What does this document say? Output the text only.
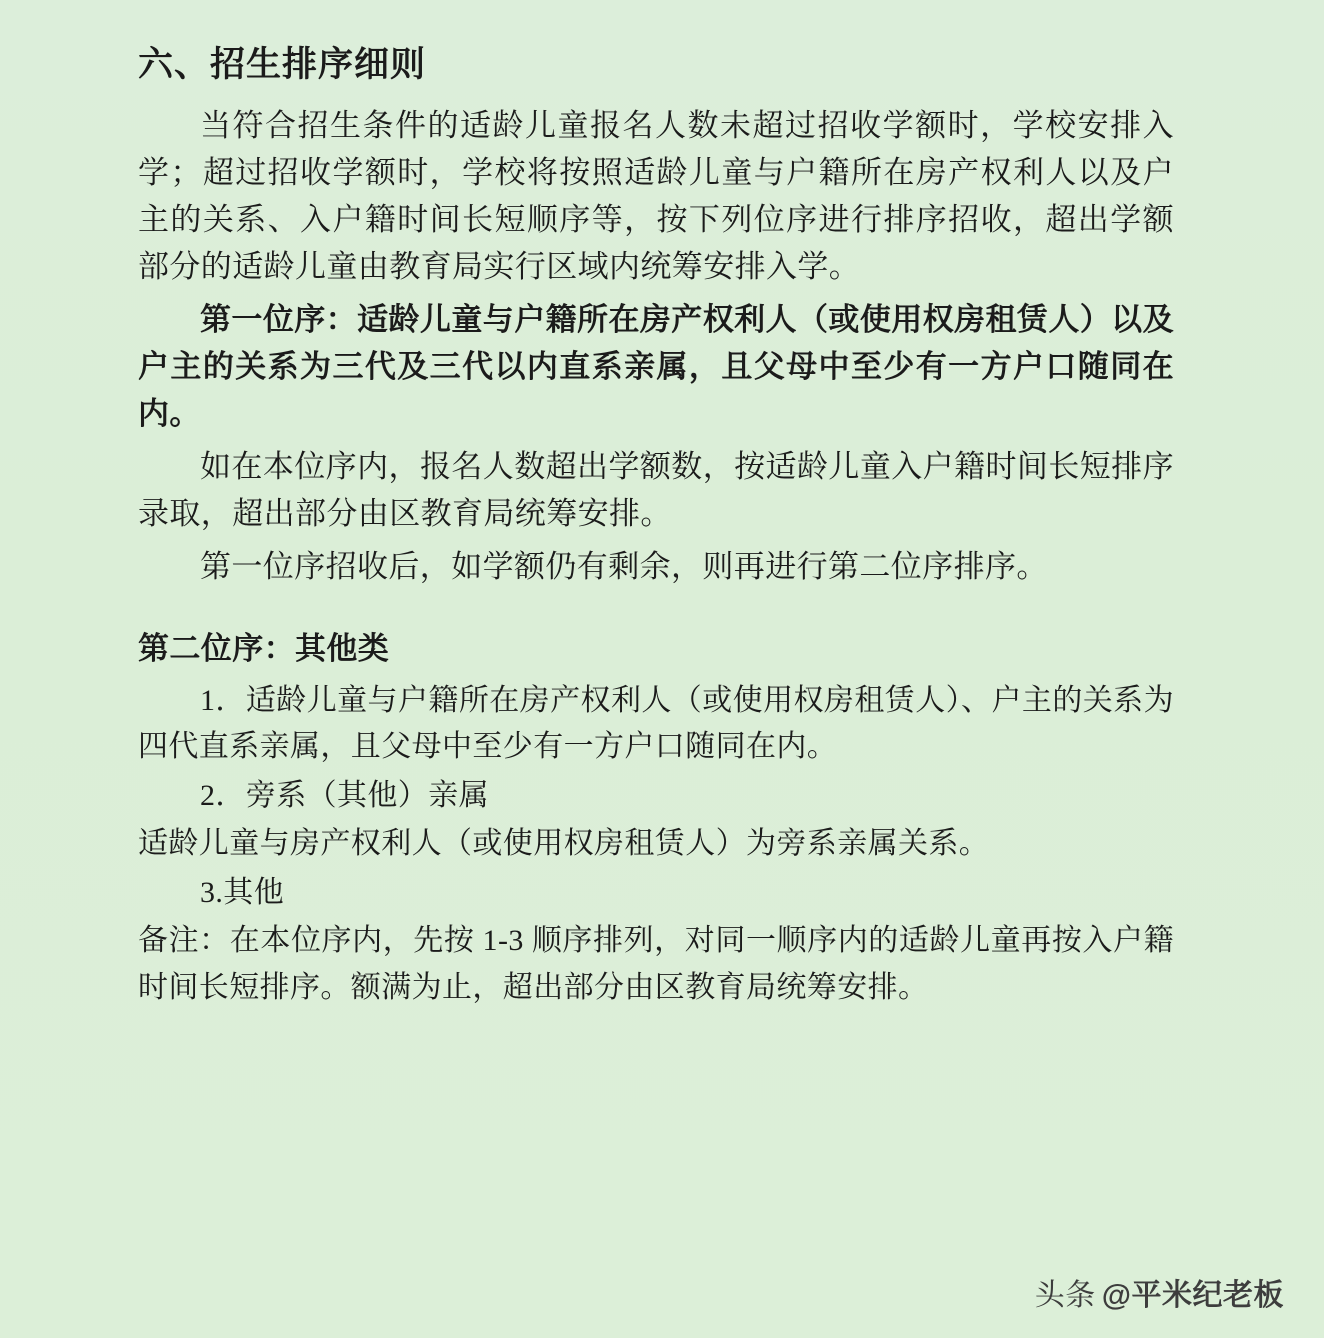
六、招生排序细则

当符合招生条件的适龄儿童报名人数未超过招收学额时，学校安排入学；超过招收学额时，学校将按照适龄儿童与户籍所在房产权利人以及户主的关系、入户籍时间长短顺序等，按下列位序进行排序招收，超出学额部分的适龄儿童由教育局实行区域内统筹安排入学。

第一位序：适龄儿童与户籍所在房产权利人（或使用权房租赁人）以及户主的关系为三代及三代以内直系亲属，且父母中至少有一方户口随同在内。

如在本位序内，报名人数超出学额数，按适龄儿童入户籍时间长短排序录取，超出部分由区教育局统筹安排。

第一位序招收后，如学额仍有剩余，则再进行第二位序排序。

第二位序：其他类

1．适龄儿童与户籍所在房产权利人（或使用权房租赁人）、户主的关系为四代直系亲属，且父母中至少有一方户口随同在内。

2．旁系（其他）亲属

适龄儿童与房产权利人（或使用权房租赁人）为旁系亲属关系。

3.其他

备注：在本位序内，先按 1-3 顺序排列，对同一顺序内的适龄儿童再按入户籍时间长短排序。额满为止，超出部分由区教育局统筹安排。

头条 @平米纪老板
